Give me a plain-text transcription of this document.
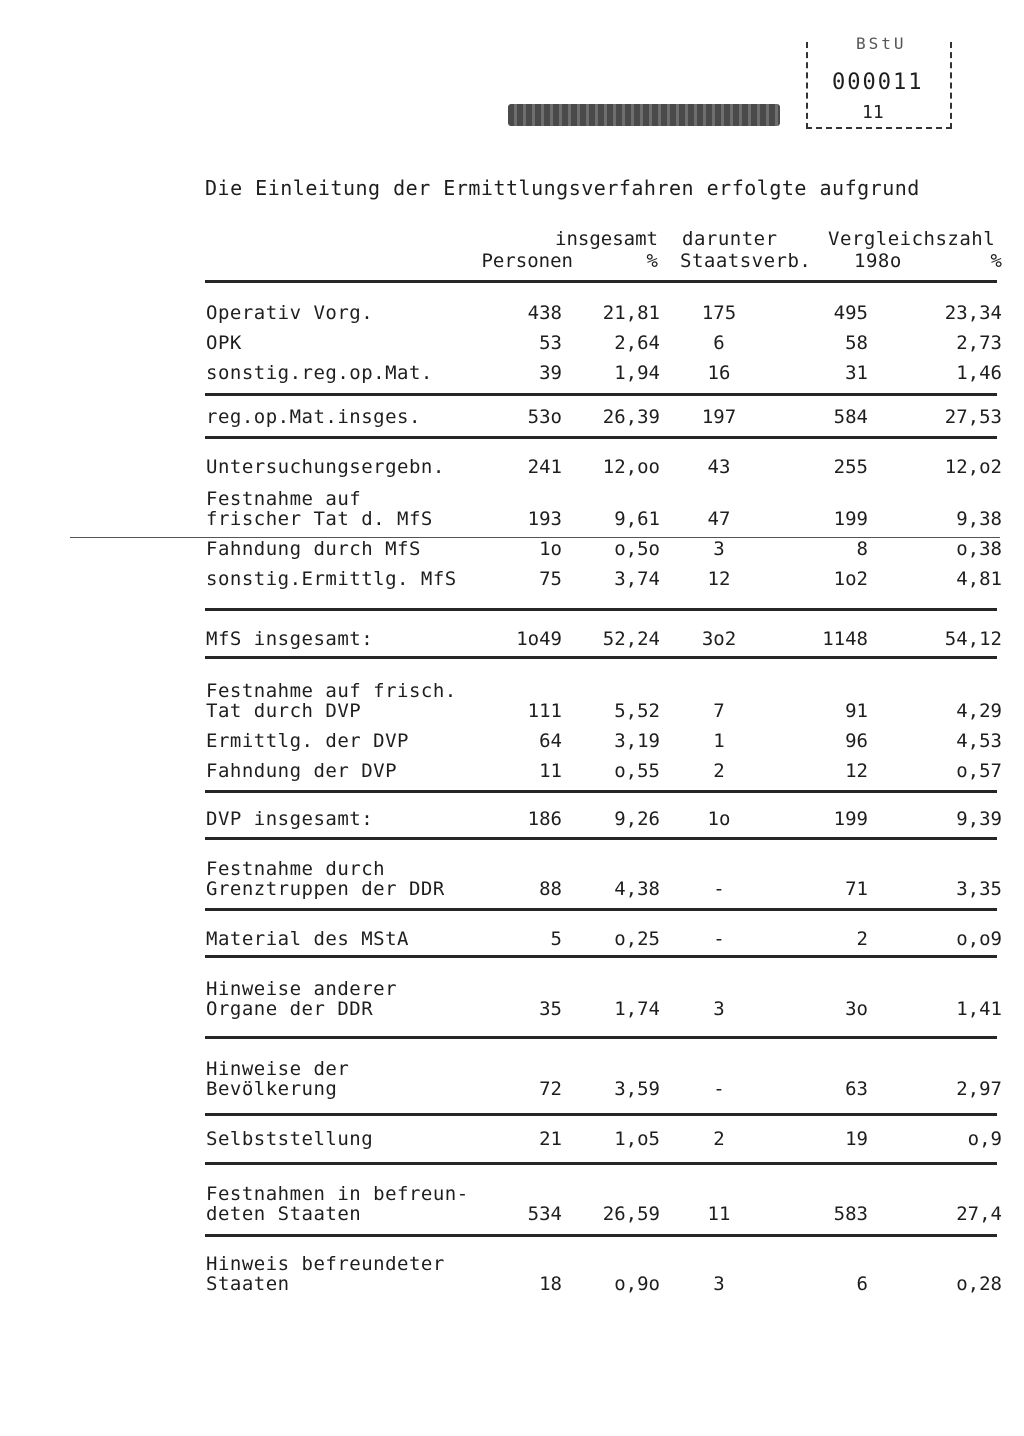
BStU
000011
11
Die Einleitung der Ermittlungsverfahren erfolgte aufgrund
insgesamt
Personen	%
darunter
Staatsverb.
Vergleichszahl
198o	%
Operativ Vorg.	438	21,81	175	495	23,34
OPK	53	2,64	6	58	2,73
sonstig.reg.op.Mat.	39	1,94	16	31	1,46
reg.op.Mat.insges.	53o	26,39	197	584	27,53
Untersuchungsergebn.	241	12,oo	43	255	12,o2
Festnahme auf
frischer Tat d. MfS	193	9,61	47	199	9,38
Fahndung durch MfS	1o	o,5o	3	8	o,38
sonstig.Ermittlg. MfS	75	3,74	12	1o2	4,81
MfS insgesamt:	1o49	52,24	3o2	1148	54,12
Festnahme auf frisch.
Tat durch DVP	111	5,52	7	91	4,29
Ermittlg. der DVP	64	3,19	1	96	4,53
Fahndung der DVP	11	o,55	2	12	o,57
DVP insgesamt:	186	9,26	1o	199	9,39
Festnahme durch
Grenztruppen der DDR	88	4,38	-	71	3,35
Material des MStA	5	o,25	-	2	o,o9
Hinweise anderer
Organe der DDR	35	1,74	3	3o	1,41
Hinweise der
Bevölkerung	72	3,59	-	63	2,97
Selbststellung	21	1,o5	2	19	o,9
Festnahmen in befreun-
deten Staaten	534	26,59	11	583	27,4
Hinweis befreundeter
Staaten	18	o,9o	3	6	o,28
